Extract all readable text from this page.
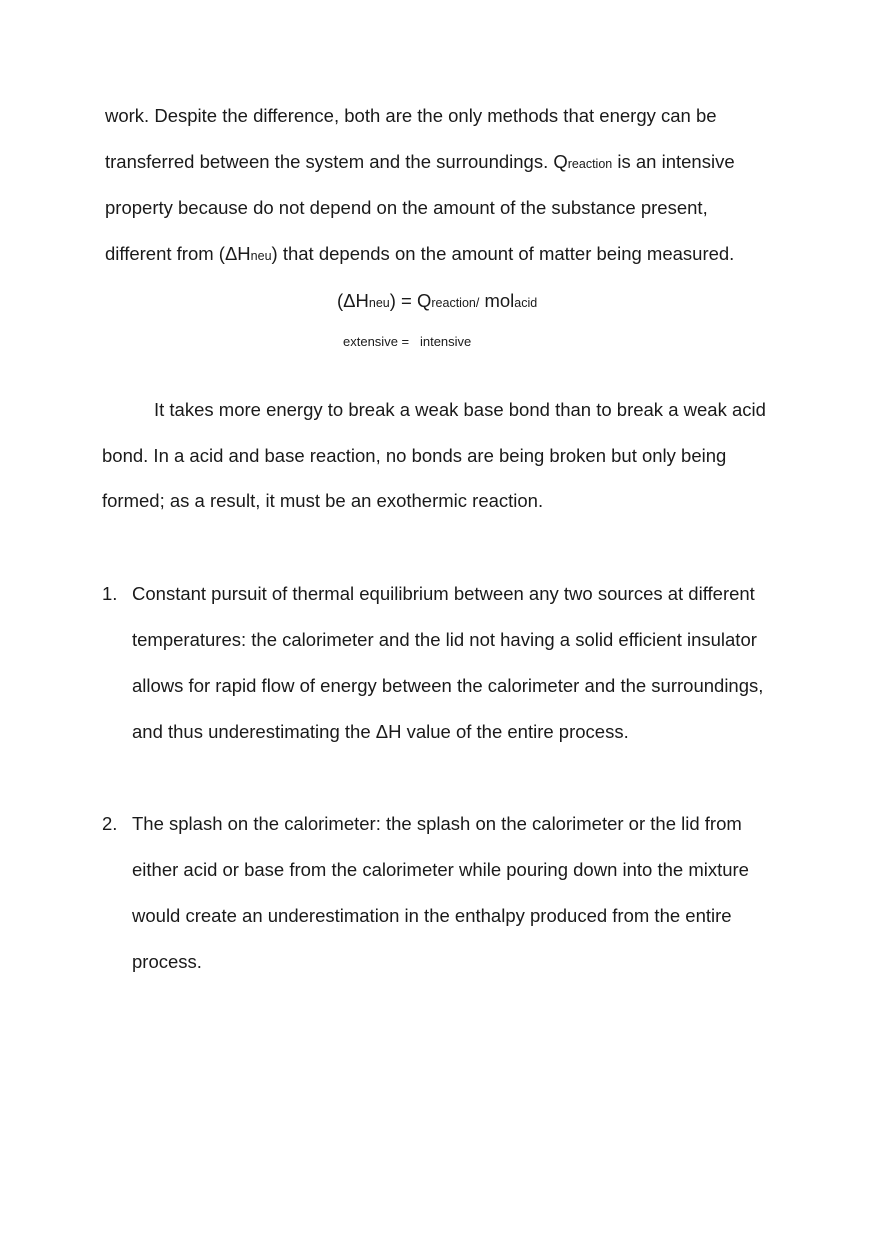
work. Despite the difference, both are the only methods that energy can be
transferred between the system and the surroundings. Qreaction is an intensive
property because do not depend on the amount of the substance present,
different from (ΔHneu) that depends on the amount of matter being measured.
(ΔHneu) = Qreaction/ molacid
extensive = intensive
It takes more energy to break a weak base bond than to break a weak acid
bond. In a acid and base reaction, no bonds are being broken but only being
formed; as a result, it must be an exothermic reaction.
1. Constant pursuit of thermal equilibrium between any two sources at different
temperatures: the calorimeter and the lid not having a solid efficient insulator
allows for rapid flow of energy between the calorimeter and the surroundings,
and thus underestimating the ΔH value of the entire process.
2. The splash on the calorimeter: the splash on the calorimeter or the lid from
either acid or base from the calorimeter while pouring down into the mixture
would create an underestimation in the enthalpy produced from the entire
process.
